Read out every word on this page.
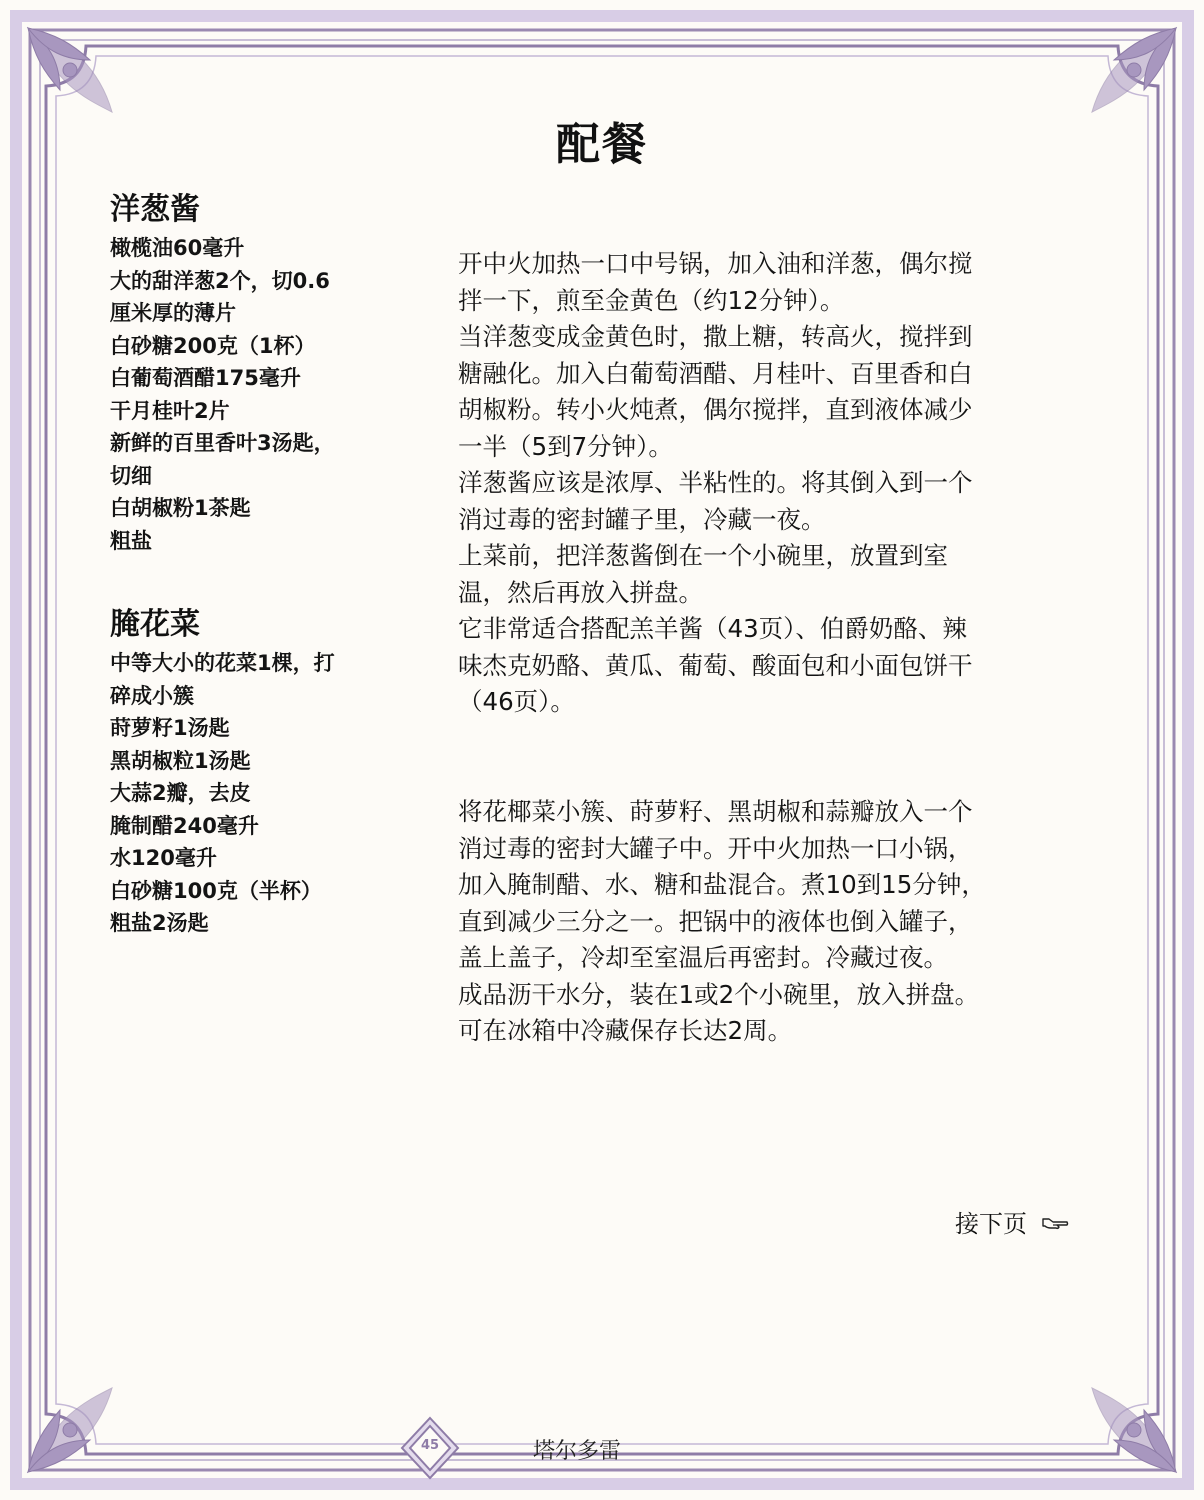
配餐
洋葱酱
橄榄油60毫升
大的甜洋葱2个，切0.6
厘米厚的薄片
白砂糖200克（1杯）
白葡萄酒醋175毫升
干月桂叶2片
新鲜的百里香叶3汤匙，
切细
白胡椒粉1茶匙
粗盐
腌花菜
中等大小的花菜1棵，打
碎成小簇
莳萝籽1汤匙
黑胡椒粒1汤匙
大蒜2瓣，去皮
腌制醋240毫升
水120毫升
白砂糖100克（半杯）
粗盐2汤匙

开中火加热一口中号锅，加入油和洋葱，偶尔搅

拌一下，煎至金黄色（约12分钟）。

当洋葱变成金黄色时，撒上糖，转高火，搅拌到

糖融化。加入白葡萄酒醋、月桂叶、百里香和白

胡椒粉。转小火炖煮，偶尔搅拌，直到液体减少

一半（5到7分钟）。

洋葱酱应该是浓厚、半粘性的。将其倒入到一个

消过毒的密封罐子里，冷藏一夜。

上菜前，把洋葱酱倒在一个小碗里，放置到室

温，然后再放入拼盘。

它非常适合搭配羔羊酱（43页）、伯爵奶酪、辣

味杰克奶酪、黄瓜、葡萄、酸面包和小面包饼干

（46页）。

将花椰菜小簇、莳萝籽、黑胡椒和蒜瓣放入一个

消过毒的密封大罐子中。开中火加热一口小锅，

加入腌制醋、水、糖和盐混合。煮10到15分钟，

直到减少三分之一。把锅中的液体也倒入罐子，

盖上盖子，冷却至室温后再密封。冷藏过夜。

成品沥干水分，装在1或2个小碗里，放入拼盘。

可在冰箱中冷藏保存长达2周。

接下页
45	塔尔多雷
